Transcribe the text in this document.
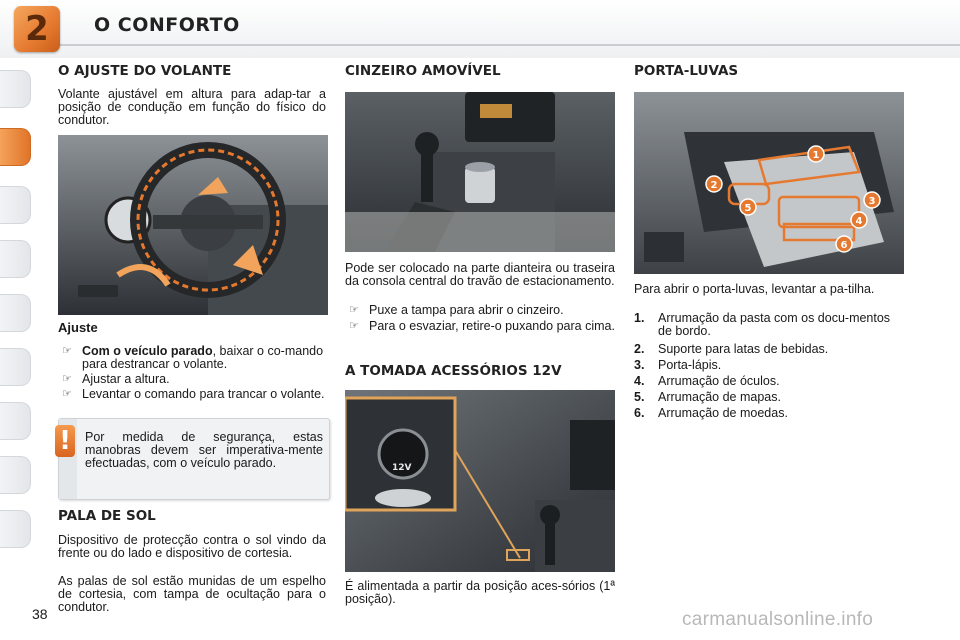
2	O CONFORTO
O AJUSTE DO VOLANTE

Volante ajustável em altura para adap-tar a posição de condução em função do físico do condutor.

Ajuste
☞ Com o veículo parado, baixar o co-mando para destrancar o volante.
☞ Ajustar a altura.
☞ Levantar o comando para trancar o volante.
!	Por medida de segurança, estas manobras devem ser imperativa-mente efectuadas, com o veículo parado.
PALA DE SOL

Dispositivo de protecção contra o sol vindo da frente ou do lado e dispositivo de cortesia.

As palas de sol estão munidas de um espelho de cortesia, com tampa de ocultação para o condutor.

38
CINZEIRO AMOVÍVEL

Pode ser colocado na parte dianteira ou traseira da consola central do travão de estacionamento.

☞ Puxe a tampa para abrir o cinzeiro.
☞ Para o esvaziar, retire-o puxando para cima.
A TOMADA ACESSÓRIOS 12V
12V

É alimentada a partir da posição aces-sórios (1ª posição).

PORTA-LUVAS
1
2
3
4
5
6

Para abrir o porta-luvas, levantar a pa-tilha.

1. Arrumação da pasta com os docu-mentos de bordo.
2. Suporte para latas de bebidas.
3. Porta-lápis.
4. Arrumação de óculos.
5. Arrumação de mapas.
6. Arrumação de moedas.
carmanualsonline.info
